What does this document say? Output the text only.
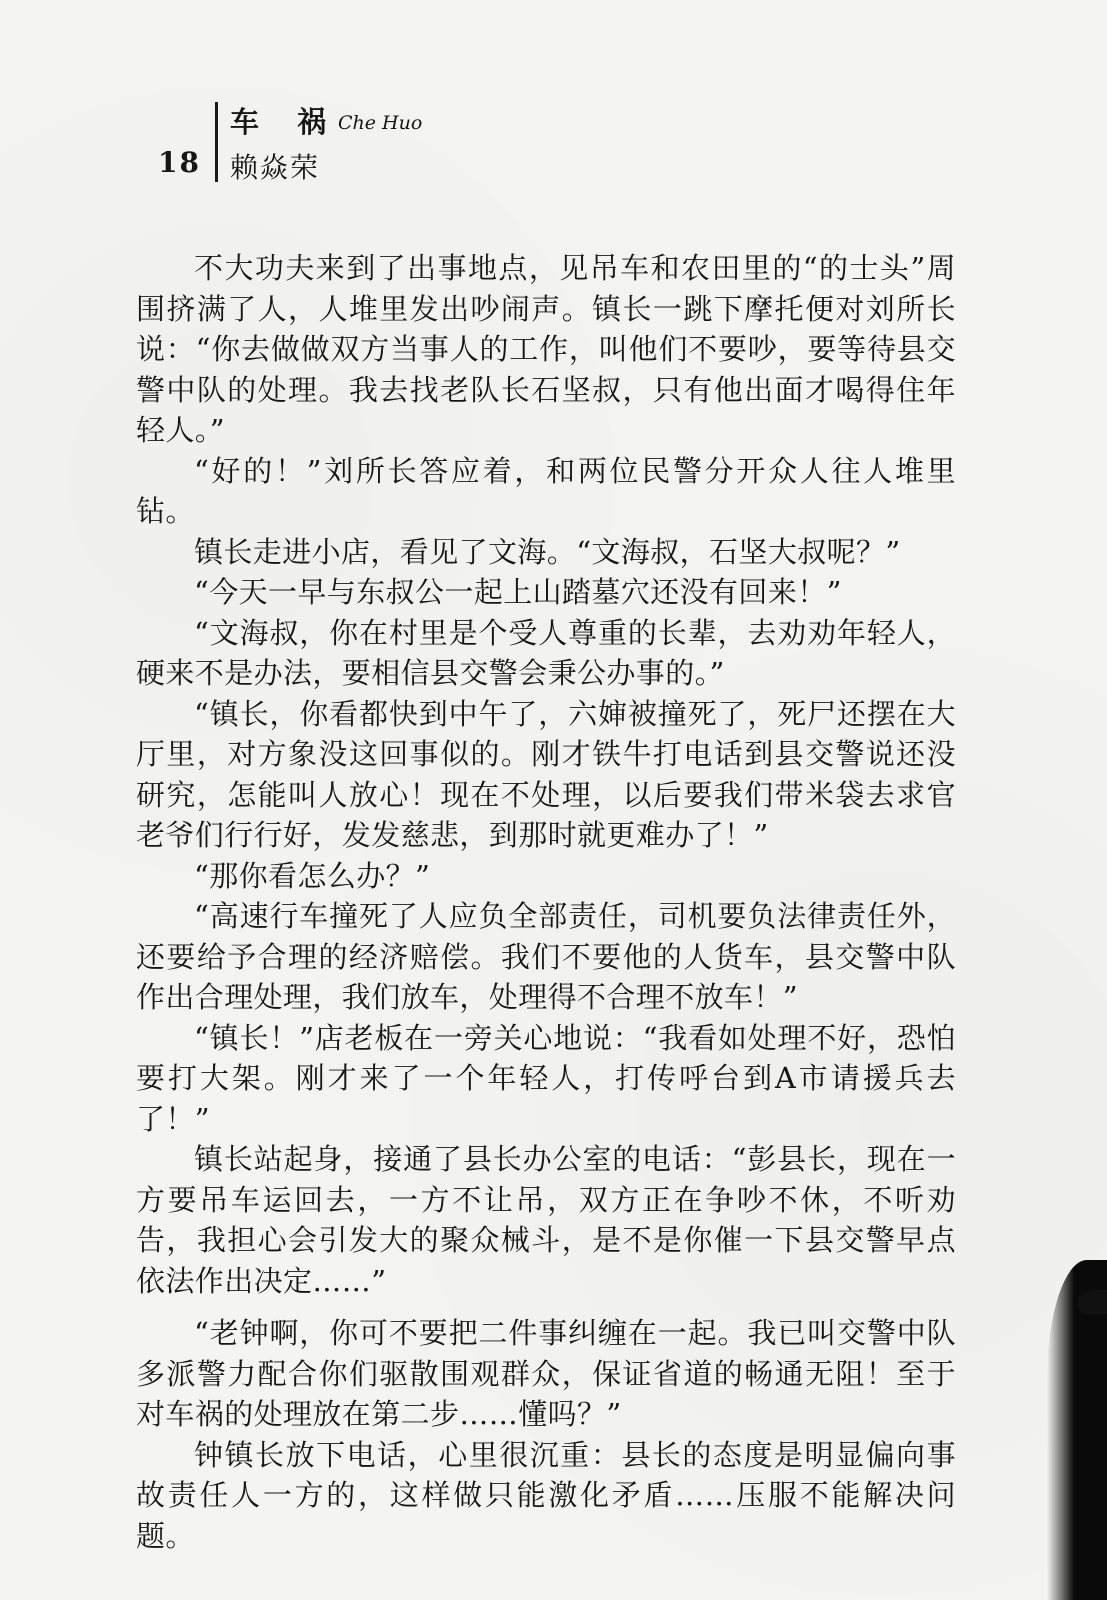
18
车 祸
Che Huo
赖焱荣

不大功夫来到了出事地点，见吊车和农田里的“的士头”周围挤满了人，人堆里发出吵闹声。镇长一跳下摩托便对刘所长说：“你去做做双方当事人的工作，叫他们不要吵，要等待县交警中队的处理。我去找老队长石坚叔，只有他出面才喝得住年轻人。”

“好的！”刘所长答应着，和两位民警分开众人往人堆里钻。

镇长走进小店，看见了文海。“文海叔，石坚大叔呢？”

“今天一早与东叔公一起上山踏墓穴还没有回来！”

“文海叔，你在村里是个受人尊重的长辈，去劝劝年轻人，硬来不是办法，要相信县交警会秉公办事的。”

“镇长，你看都快到中午了，六婶被撞死了，死尸还摆在大厅里，对方象没这回事似的。刚才铁牛打电话到县交警说还没研究，怎能叫人放心！现在不处理，以后要我们带米袋去求官老爷们行行好，发发慈悲，到那时就更难办了！”

“那你看怎么办？”

“高速行车撞死了人应负全部责任，司机要负法律责任外，还要给予合理的经济赔偿。我们不要他的人货车，县交警中队作出合理处理，我们放车，处理得不合理不放车！”

“镇长！”店老板在一旁关心地说：“我看如处理不好，恐怕要打大架。刚才来了一个年轻人，打传呼台到A市请援兵去了！”

镇长站起身，接通了县长办公室的电话：“彭县长，现在一方要吊车运回去，一方不让吊，双方正在争吵不休，不听劝告，我担心会引发大的聚众械斗，是不是你催一下县交警早点依法作出决定……”

“老钟啊，你可不要把二件事纠缠在一起。我已叫交警中队多派警力配合你们驱散围观群众，保证省道的畅通无阻！至于对车祸的处理放在第二步……懂吗？”

钟镇长放下电话，心里很沉重：县长的态度是明显偏向事故责任人一方的，这样做只能激化矛盾……压服不能解决问题。
